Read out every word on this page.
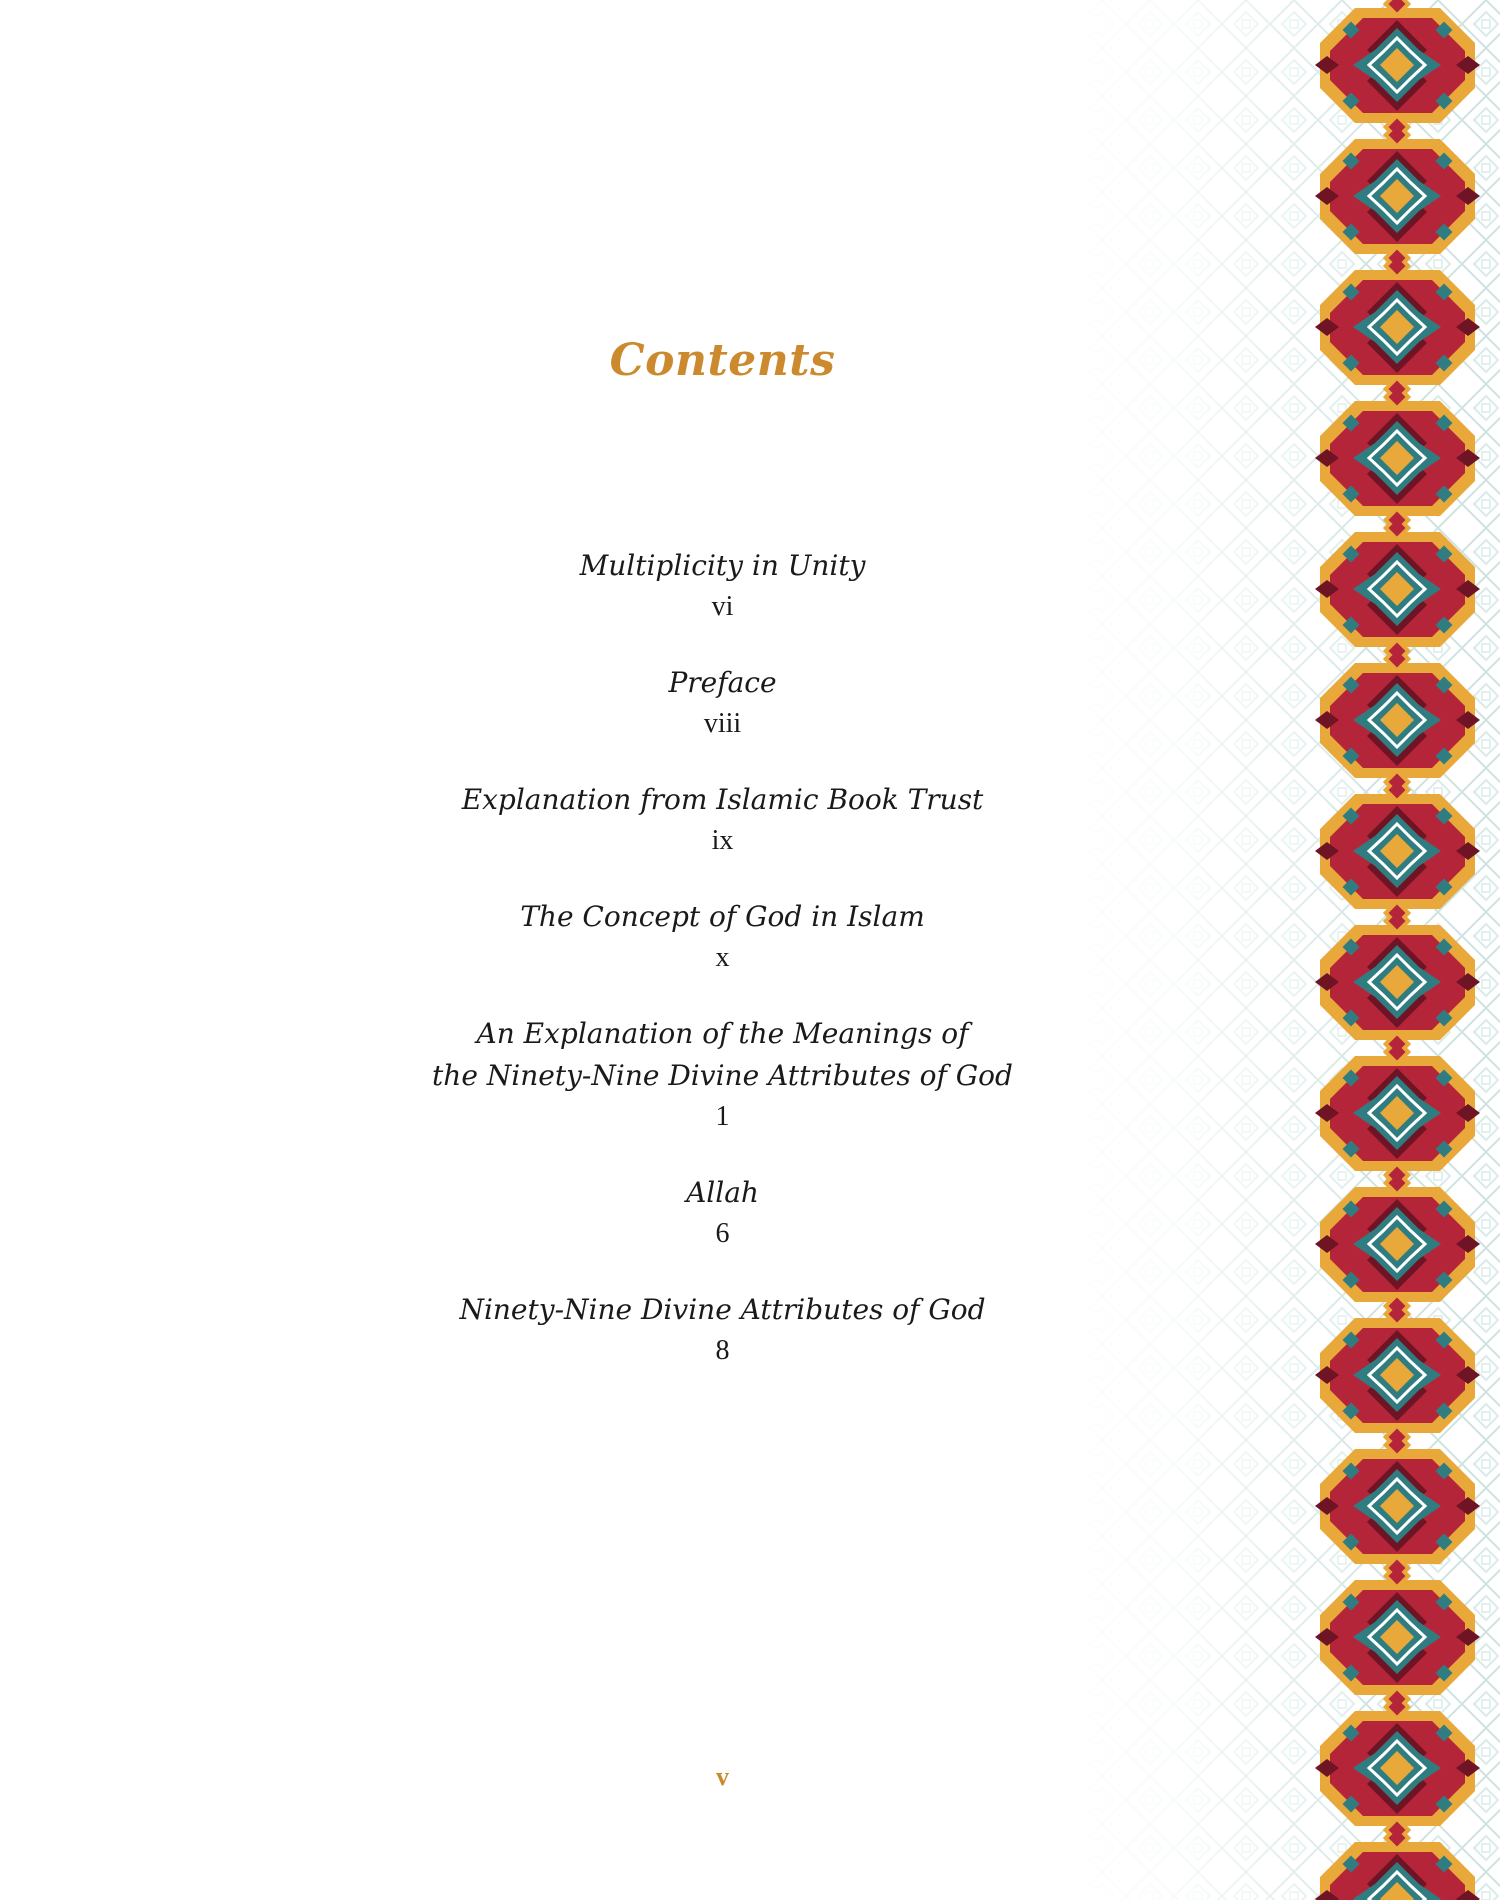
Contents
Multiplicity in Unity
vi
Preface
viii
Explanation from Islamic Book Trust
ix
The Concept of God in Islam
x
An Explanation of the Meanings of
the Ninety-Nine Divine Attributes of God
1
Allah
6
Ninety-Nine Divine Attributes of God
8
v
